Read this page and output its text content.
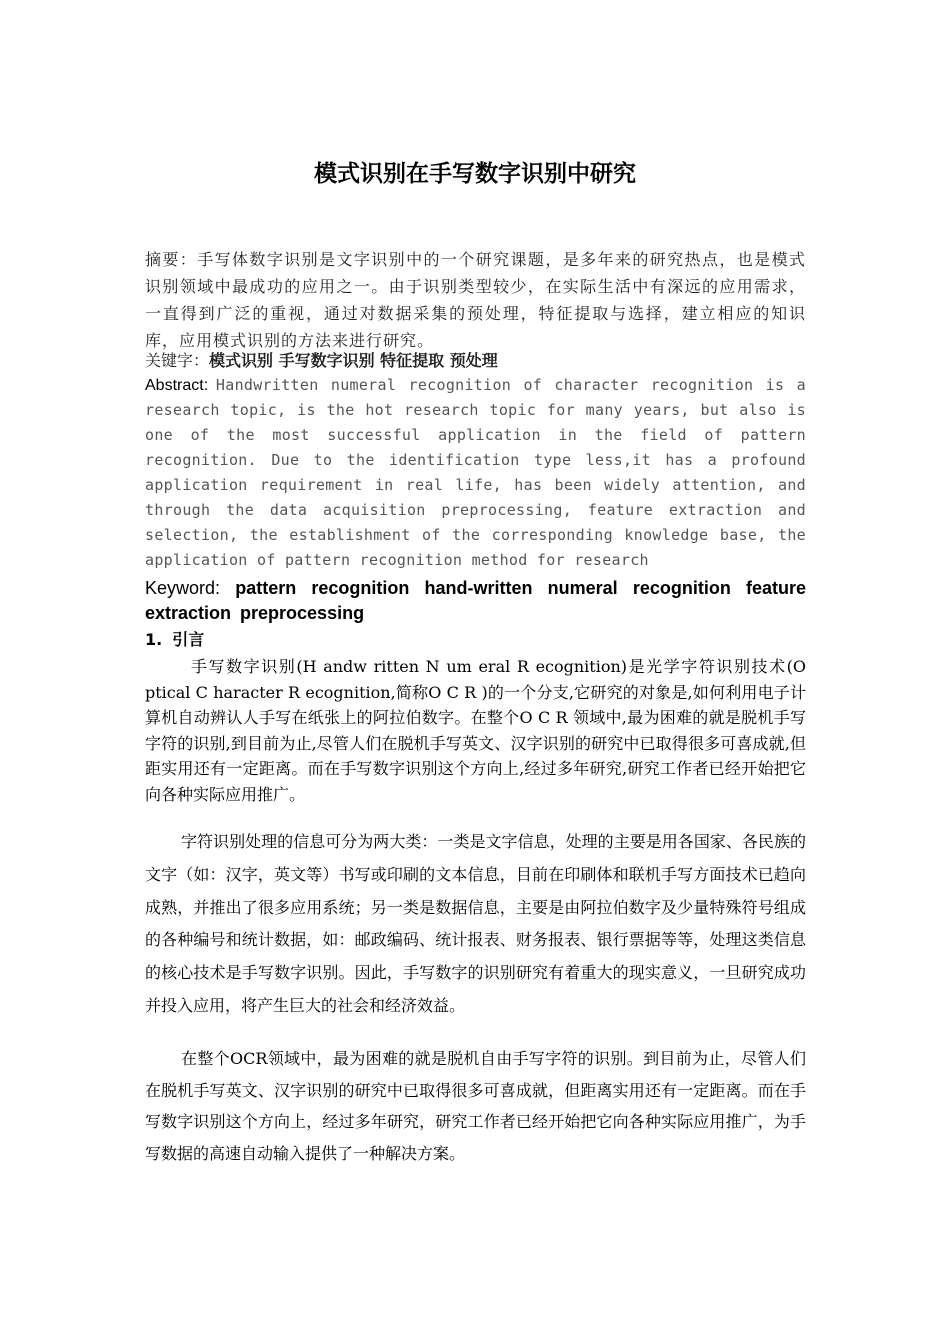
模式识别在手写数字识别中研究
摘要：手写体数字识别是文字识别中的一个研究课题，是多年来的研究热点，也是模式识别领域中最成功的应用之一。由于识别类型较少，在实际生活中有深远的应用需求，一直得到广泛的重视，通过对数据采集的预处理，特征提取与选择，建立相应的知识库，应用模式识别的方法来进行研究。
关键字：模式识别 手写数字识别 特征提取 预处理
Abstract: Handwritten numeral recognition of character recognition is a research topic, is the hot research topic for many years, but also is one of the most successful application in the field of pattern recognition. Due to the identification type less,it has a profound application requirement in real life, has been widely attention, and through the data acquisition preprocessing, feature extraction and selection, the establishment of the corresponding knowledge base, the application of pattern recognition method for research
Keyword: pattern recognition hand-written numeral recognition feature extraction preprocessing
1. 引言
手写数字识别(H andw ritten N um eral R ecognition)是光学字符识别技术(O ptical C haracter R ecognition,简称O C R )的一个分支,它研究的对象是,如何利用电子计算机自动辨认人手写在纸张上的阿拉伯数字。在整个O C R 领域中,最为困难的就是脱机手写字符的识别,到目前为止,尽管人们在脱机手写英文、汉字识别的研究中已取得很多可喜成就,但距实用还有一定距离。而在手写数字识别这个方向上,经过多年研究,研究工作者已经开始把它向各种实际应用推广。
字符识别处理的信息可分为两大类：一类是文字信息，处理的主要是用各国家、各民族的文字（如：汉字，英文等）书写或印刷的文本信息，目前在印刷体和联机手写方面技术已趋向成熟，并推出了很多应用系统；另一类是数据信息，主要是由阿拉伯数字及少量特殊符号组成的各种编号和统计数据，如：邮政编码、统计报表、财务报表、银行票据等等，处理这类信息的核心技术是手写数字识别。因此，手写数字的识别研究有着重大的现实意义，一旦研究成功并投入应用，将产生巨大的社会和经济效益。
在整个OCR领域中，最为困难的就是脱机自由手写字符的识别。到目前为止，尽管人们在脱机手写英文、汉字识别的研究中已取得很多可喜成就，但距离实用还有一定距离。而在手写数字识别这个方向上，经过多年研究，研究工作者已经开始把它向各种实际应用推广，为手写数据的高速自动输入提供了一种解决方案。
